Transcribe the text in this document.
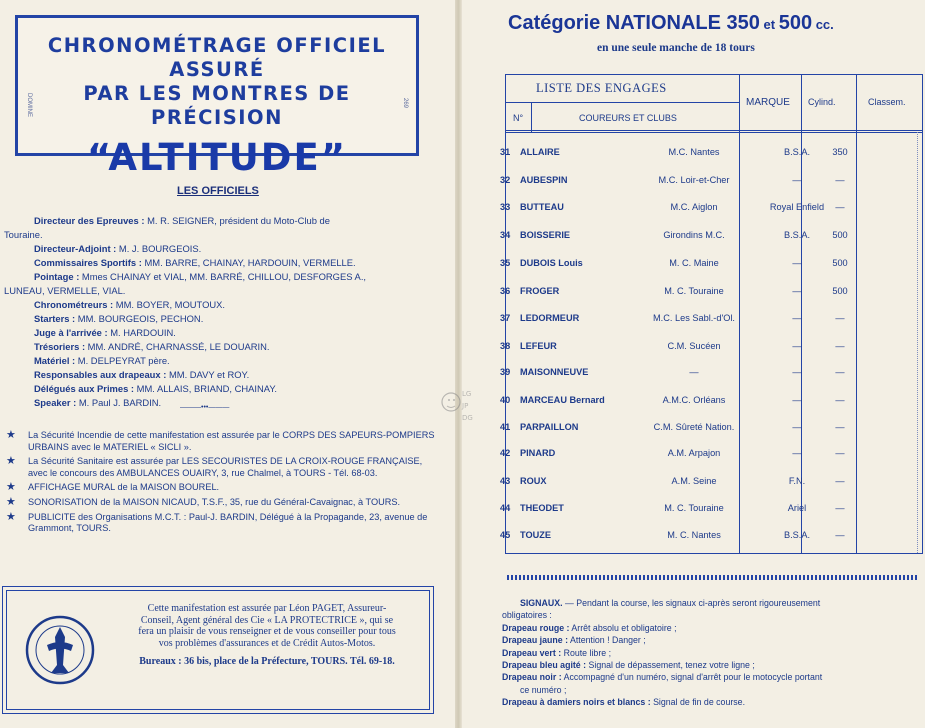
CHRONOMÉTRAGE OFFICIEL ASSURÉ
PAR LES MONTRES DE PRÉCISION
“ALTITUDE”
DOMINE	269
LES OFFICIELS
Directeur des Epreuves : M. R. SEIGNER, président du Moto-Club de
Touraine.
Directeur-Adjoint : M. J. BOURGEOIS.
Commissaires Sportifs : MM. BARRE, CHAINAY, HARDOUIN, VERMELLE.
Pointage : Mmes CHAINAY et VIAL, MM. BARRÉ, CHILLOU, DESFORGES A.,
LUNEAU, VERMELLE, VIAL.
Chronométreurs : MM. BOYER, MOUTOUX.
Starters : MM. BOURGEOIS, PECHON.
Juge à l'arrivée : M. HARDOUIN.
Trésoriers : MM. ANDRÉ, CHARNASSÉ, LE DOUARIN.
Matériel : M. DELPEYRAT père.
Responsables aux drapeaux : MM. DAVY et ROY.
Délégués aux Primes : MM. ALLAIS, BRIAND, CHAINAY.
Speaker : M. Paul J. BARDIN.	———•••———
★ La Sécurité Incendie de cette manifestation est assurée par le CORPS DES SAPEURS-POMPIERS URBAINS avec le MATERIEL « SICLI ».
★ La Sécurité Sanitaire est assurée par LES SECOURISTES DE LA CROIX-ROUGE FRANÇAISE, avec le concours des AMBULANCES OUAIRY, 3, rue Chalmel, à TOURS - Tél. 68-03.
★ AFFICHAGE MURAL de la MAISON BOUREL.
★ SONORISATION de la MAISON NICAUD, T.S.F., 35, rue du Général-Cavaignac, à TOURS.
★ PUBLICITE des Organisations M.C.T. : Paul-J. BARDIN, Délégué à la Propagande, 23, avenue de Grammont, TOURS.
Cette manifestation est assurée par Léon PAGET, Assureur-Conseil, Agent général des Cie « LA PROTECTRICE », qui se fera un plaisir de vous renseigner et de vous conseiller pour tous vos problèmes d'assurances et de Crédit Autos-Motos.
Bureaux : 36 bis, place de la Préfecture, TOURS. Tél. 69-18.
LG
JP
DG
Catégorie NATIONALE 350 et 500 cc.
en une seule manche de 18 tours
LISTE DES ENGAGES
N°	COUREURS ET CLUBS
MARQUE Cylind.	Classem.
31 ALLAIRE	M.C. Nantes	B.S.A.	350
32 AUBESPIN	M.C. Loir-et-Cher	—	—
33 BUTTEAU	M.C. Aiglon	Royal Enfield	—
34 BOISSERIE	Girondins M.C.	B.S.A.	500
35 DUBOIS Louis	M. C. Maine	—	500
36 FROGER	M. C. Touraine	—	500
37 LEDORMEUR	M.C. Les Sabl.-d'Ol.	—	—
38 LEFEUR	C.M. Sucéen	—	—
39 MAISONNEUVE	—	—	—
40 MARCEAU Bernard	A.M.C. Orléans	—	—
41 PARPAILLON	C.M. Sûreté Nation.	—	—
42 PINARD	A.M. Arpajon	—	—
43 ROUX	A.M. Seine	F.N.	—
44 THEODET	M. C. Touraine	Ariel	—
45 TOUZE	M. C. Nantes	B.S.A.	—
SIGNAUX. — Pendant la course, les signaux ci-après seront rigoureusement
obligatoires :
Drapeau rouge : Arrêt absolu et obligatoire ;
Drapeau jaune : Attention ! Danger ;
Drapeau vert : Route libre ;
Drapeau bleu agité : Signal de dépassement, tenez votre ligne ;
Drapeau noir : Accompagné d'un numéro, signal d'arrêt pour le motocycle portant
ce numéro ;
Drapeau à damiers noirs et blancs : Signal de fin de course.
